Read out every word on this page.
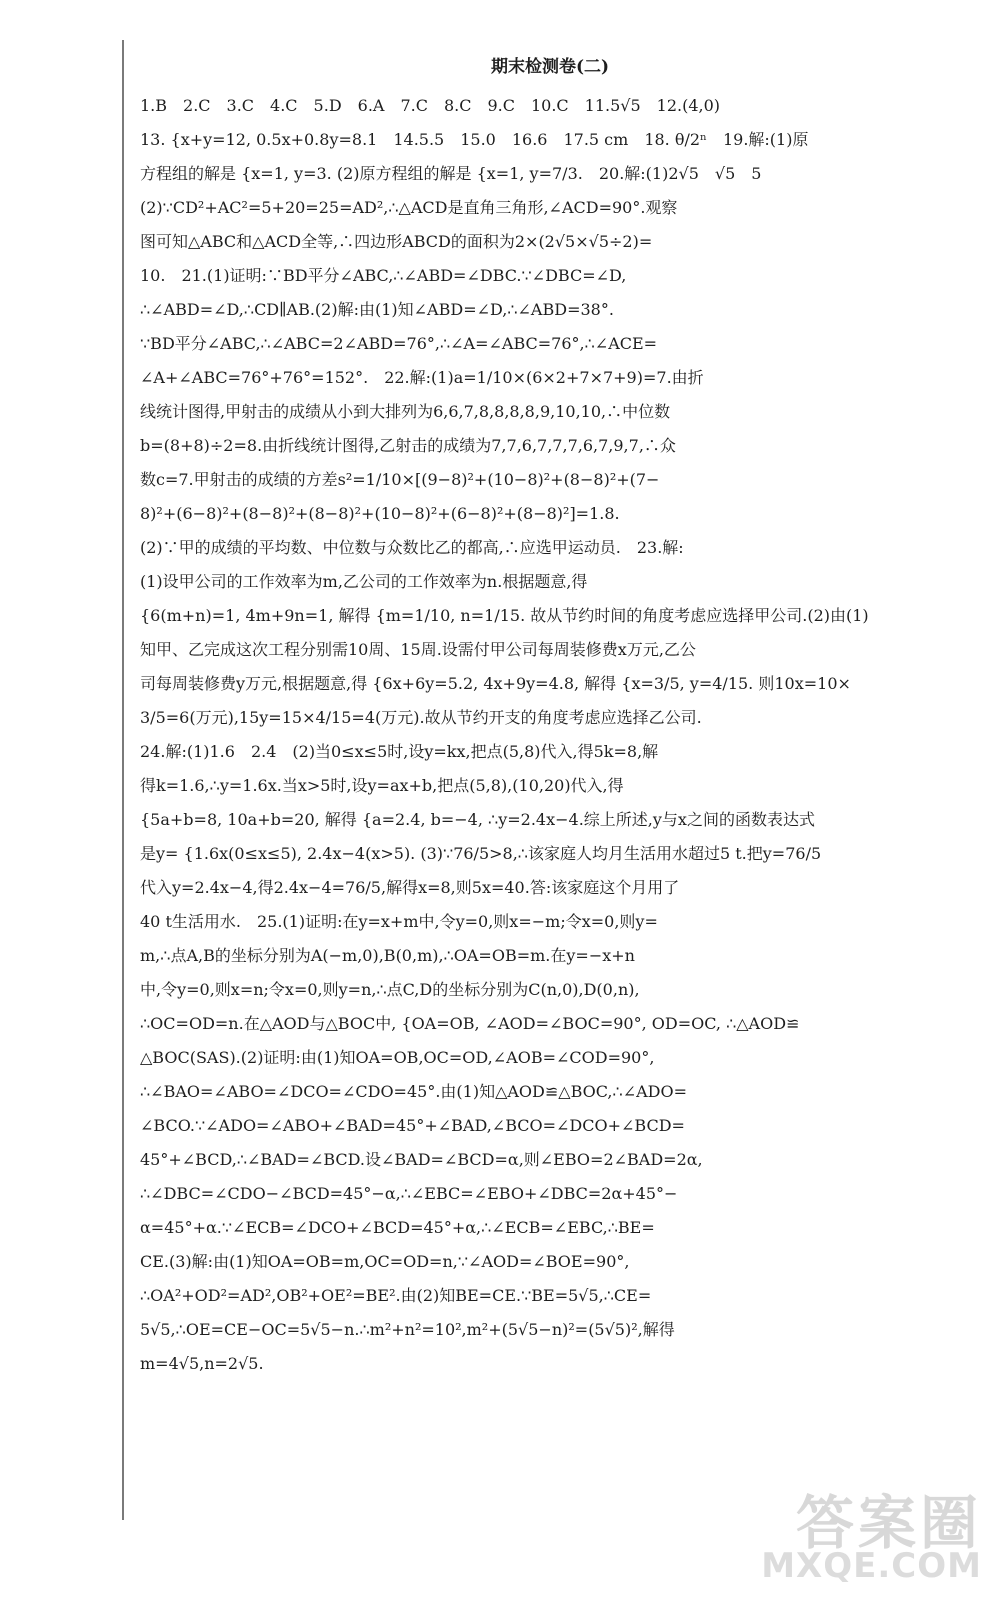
期末检测卷(二)

1.B　2.C　3.C　4.C　5.D　6.A　7.C　8.C　9.C　10.C　11.5√5　12.(4,0)

13. {x+y=12, 0.5x+0.8y=8.1　14.5.5　15.0　16.6　17.5 cm　18. θ/2ⁿ　19.解:(1)原

方程组的解是 {x=1, y=3. (2)原方程组的解是 {x=1, y=7/3.　20.解:(1)2√5　√5　5

(2)∵CD²+AC²=5+20=25=AD²,∴△ACD是直角三角形,∠ACD=90°.观察

图可知△ABC和△ACD全等,∴四边形ABCD的面积为2×(2√5×√5÷2)=

10.　21.(1)证明:∵BD平分∠ABC,∴∠ABD=∠DBC.∵∠DBC=∠D,

∴∠ABD=∠D,∴CD∥AB.(2)解:由(1)知∠ABD=∠D,∴∠ABD=38°.

∵BD平分∠ABC,∴∠ABC=2∠ABD=76°,∴∠A=∠ABC=76°,∴∠ACE=

∠A+∠ABC=76°+76°=152°.　22.解:(1)a=1/10×(6×2+7×7+9)=7.由折

线统计图得,甲射击的成绩从小到大排列为6,6,7,8,8,8,8,9,10,10,∴中位数

b=(8+8)÷2=8.由折线统计图得,乙射击的成绩为7,7,6,7,7,7,6,7,9,7,∴众

数c=7.甲射击的成绩的方差s²=1/10×[(9−8)²+(10−8)²+(8−8)²+(7−

8)²+(6−8)²+(8−8)²+(8−8)²+(10−8)²+(6−8)²+(8−8)²]=1.8.

(2)∵甲的成绩的平均数、中位数与众数比乙的都高,∴应选甲运动员.　23.解:

(1)设甲公司的工作效率为m,乙公司的工作效率为n.根据题意,得

{6(m+n)=1, 4m+9n=1, 解得 {m=1/10, n=1/15. 故从节约时间的角度考虑应选择甲公司.(2)由(1)

知甲、乙完成这次工程分别需10周、15周.设需付甲公司每周装修费x万元,乙公

司每周装修费y万元,根据题意,得 {6x+6y=5.2, 4x+9y=4.8, 解得 {x=3/5, y=4/15. 则10x=10×

3/5=6(万元),15y=15×4/15=4(万元).故从节约开支的角度考虑应选择乙公司.

24.解:(1)1.6　2.4　(2)当0≤x≤5时,设y=kx,把点(5,8)代入,得5k=8,解

得k=1.6,∴y=1.6x.当x>5时,设y=ax+b,把点(5,8),(10,20)代入,得

{5a+b=8, 10a+b=20, 解得 {a=2.4, b=−4, ∴y=2.4x−4.综上所述,y与x之间的函数表达式

是y= {1.6x(0≤x≤5), 2.4x−4(x>5). (3)∵76/5>8,∴该家庭人均月生活用水超过5 t.把y=76/5

代入y=2.4x−4,得2.4x−4=76/5,解得x=8,则5x=40.答:该家庭这个月用了

40 t生活用水.　25.(1)证明:在y=x+m中,令y=0,则x=−m;令x=0,则y=

m,∴点A,B的坐标分别为A(−m,0),B(0,m),∴OA=OB=m.在y=−x+n

中,令y=0,则x=n;令x=0,则y=n,∴点C,D的坐标分别为C(n,0),D(0,n),

∴OC=OD=n.在△AOD与△BOC中, {OA=OB, ∠AOD=∠BOC=90°, OD=OC, ∴△AOD≌

△BOC(SAS).(2)证明:由(1)知OA=OB,OC=OD,∠AOB=∠COD=90°,

∴∠BAO=∠ABO=∠DCO=∠CDO=45°.由(1)知△AOD≌△BOC,∴∠ADO=

∠BCO.∵∠ADO=∠ABO+∠BAD=45°+∠BAD,∠BCO=∠DCO+∠BCD=

45°+∠BCD,∴∠BAD=∠BCD.设∠BAD=∠BCD=α,则∠EBO=2∠BAD=2α,

∴∠DBC=∠CDO−∠BCD=45°−α,∴∠EBC=∠EBO+∠DBC=2α+45°−

α=45°+α.∵∠ECB=∠DCO+∠BCD=45°+α,∴∠ECB=∠EBC,∴BE=

CE.(3)解:由(1)知OA=OB=m,OC=OD=n,∵∠AOD=∠BOE=90°,

∴OA²+OD²=AD²,OB²+OE²=BE².由(2)知BE=CE.∵BE=5√5,∴CE=

5√5,∴OE=CE−OC=5√5−n.∴m²+n²=10²,m²+(5√5−n)²=(5√5)²,解得

m=4√5,n=2√5.

答案圈
MXQE.COM
